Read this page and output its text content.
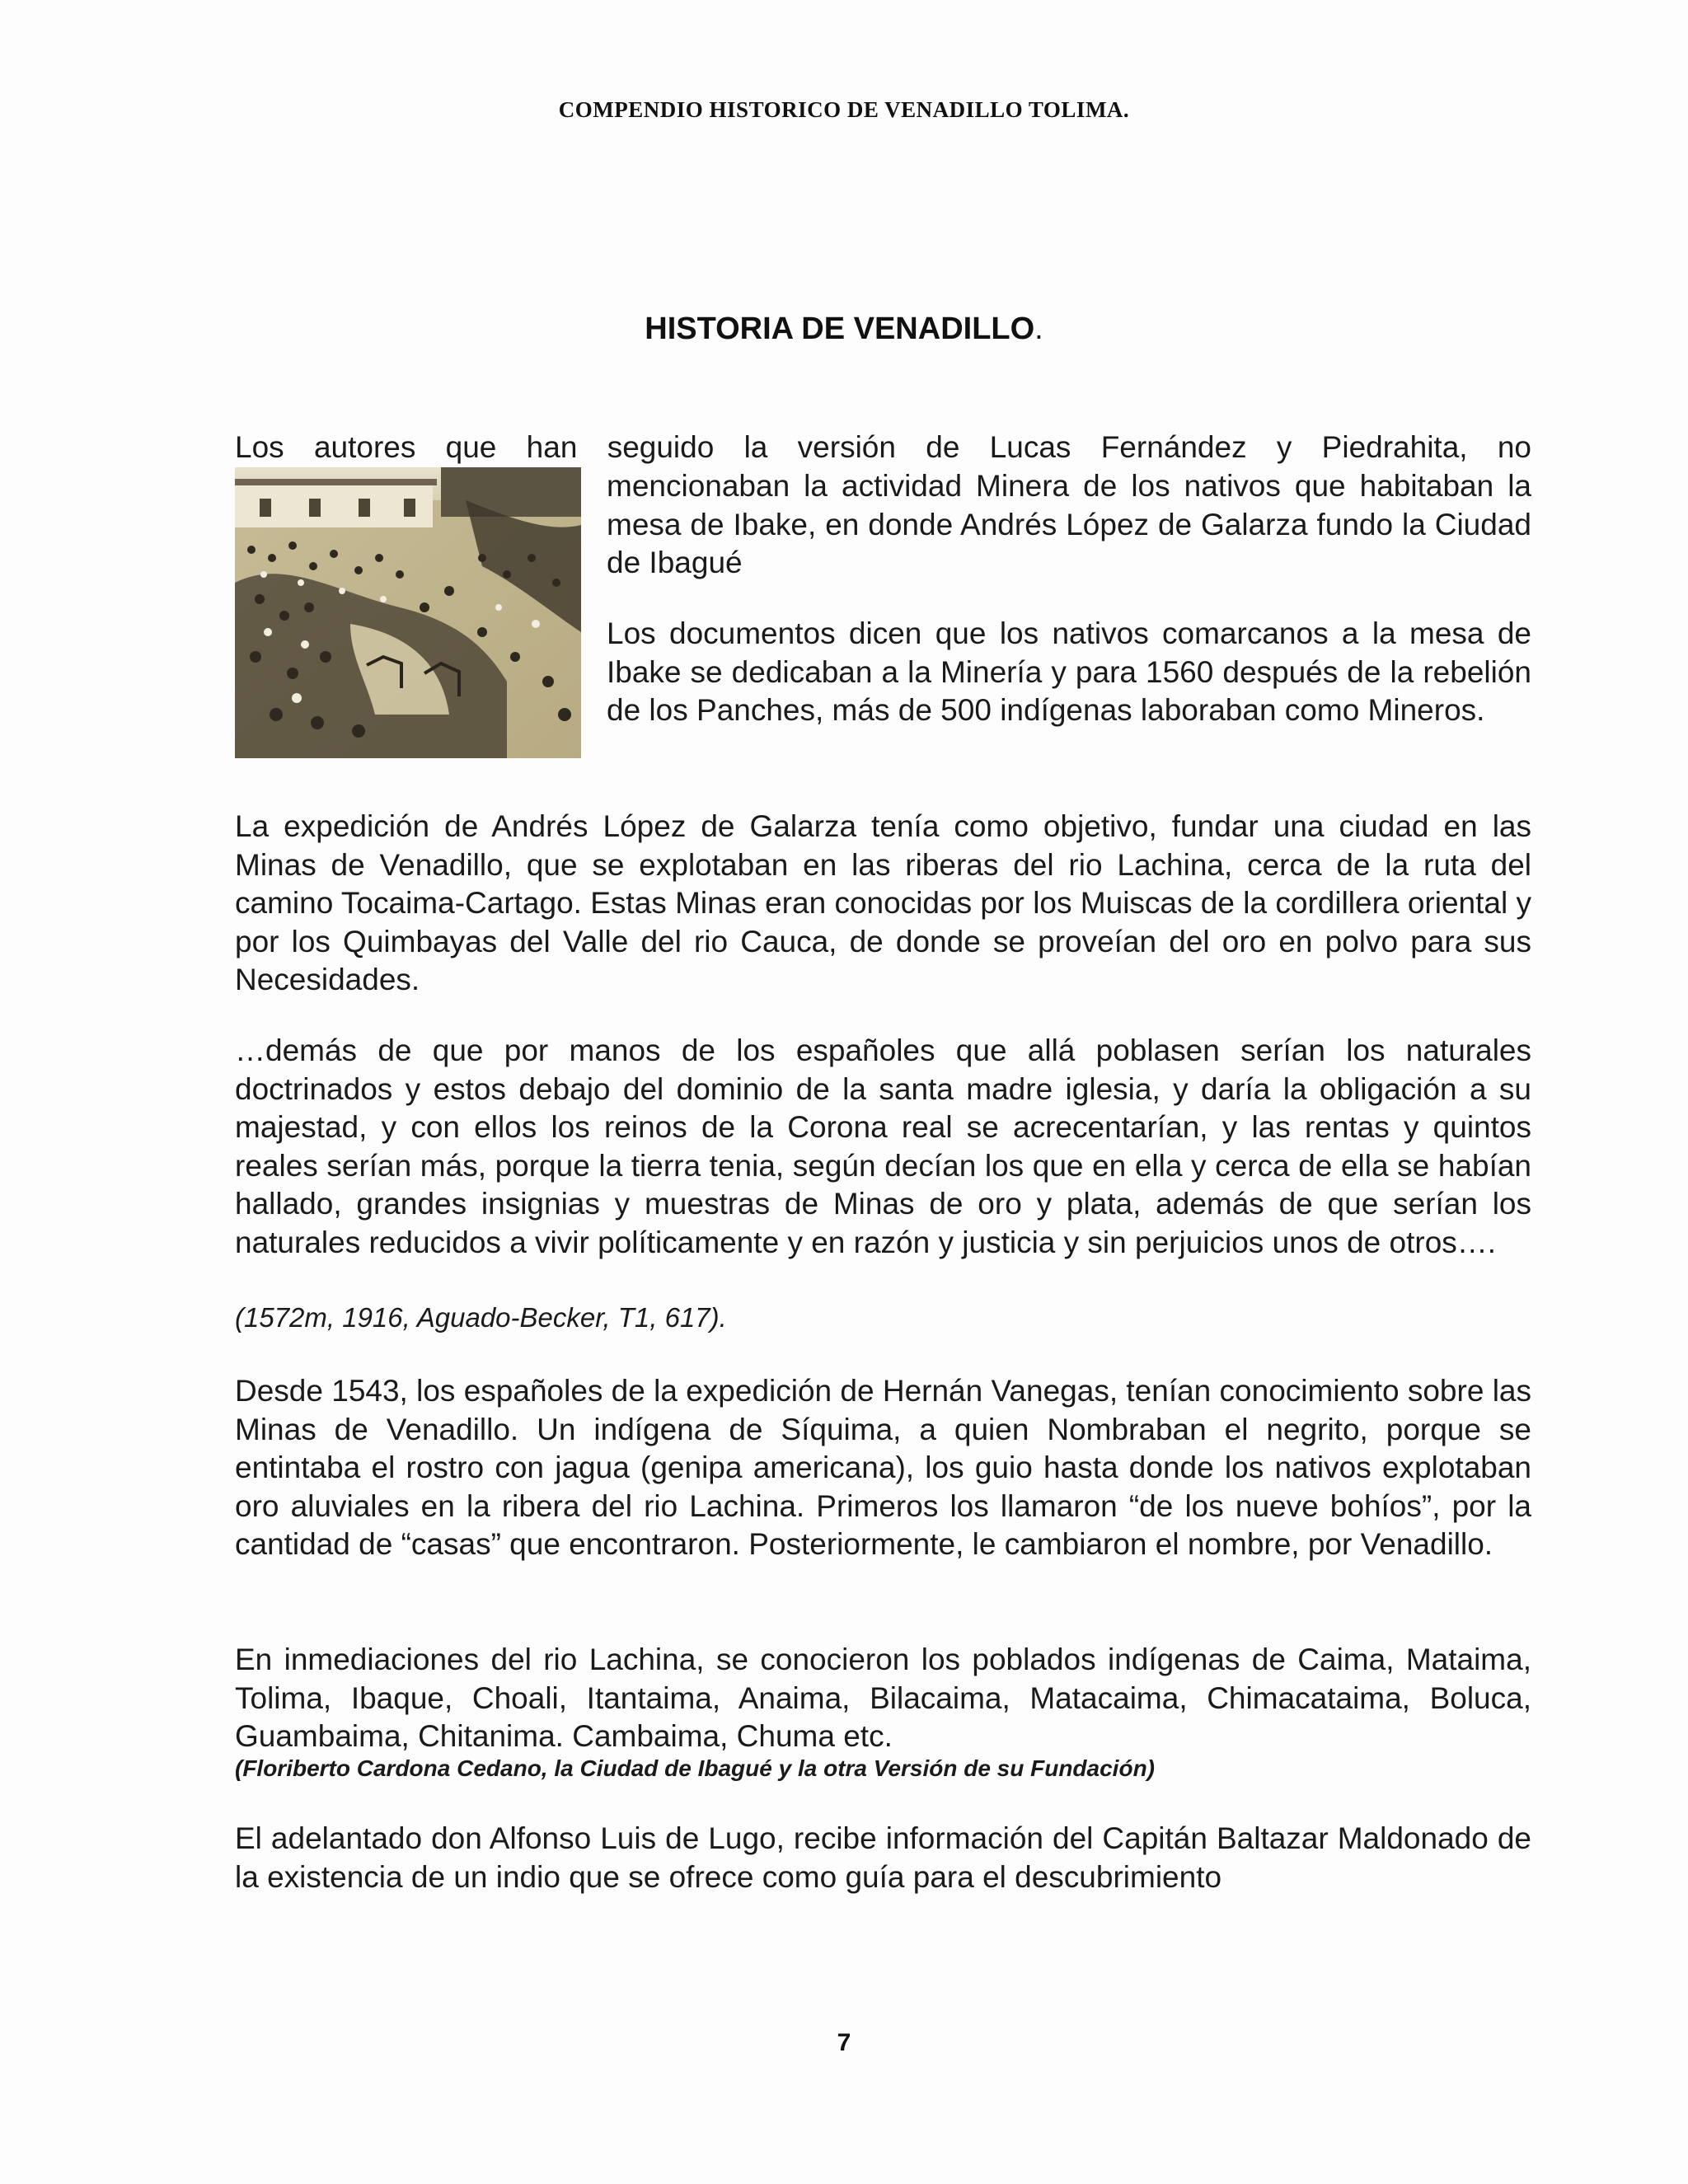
COMPENDIO HISTORICO DE VENADILLO TOLIMA.
HISTORIA DE VENADILLO.
Los autores que han seguido la versión de Lucas Fernández y Piedrahita, no
mencionaban la actividad Minera de los nativos que habitaban la mesa de Ibake, en donde Andrés López de Galarza fundo la Ciudad de Ibagué
Los documentos dicen que los nativos comarcanos a la mesa de Ibake se dedicaban a la Minería y para 1560 después de la rebelión de los Panches, más de 500 indígenas laboraban como Mineros.
La expedición de Andrés López de Galarza tenía como objetivo, fundar una ciudad en las Minas de Venadillo, que se explotaban en las riberas del rio Lachina, cerca de la ruta del camino Tocaima-Cartago. Estas Minas eran conocidas por los Muiscas de la cordillera oriental y por los Quimbayas del Valle del rio Cauca, de donde se proveían del oro en polvo para sus Necesidades.
…demás de que por manos de los españoles que allá poblasen serían los naturales doctrinados y estos debajo del dominio de la santa madre iglesia, y daría la obligación a su majestad, y con ellos los reinos de la Corona real se acrecentarían, y las rentas y quintos reales serían más, porque la tierra tenia, según decían los que en ella y cerca de ella se habían hallado, grandes insignias y muestras de Minas de oro y plata, además de que serían los naturales reducidos a vivir políticamente y en razón y justicia y sin perjuicios unos de otros….
(1572m, 1916, Aguado-Becker, T1, 617).
Desde 1543, los españoles de la expedición de Hernán Vanegas, tenían conocimiento sobre las Minas de Venadillo. Un indígena de Síquima, a quien Nombraban el negrito, porque se entintaba el rostro con jagua (genipa americana), los guio hasta donde los nativos explotaban oro aluviales en la ribera del rio Lachina. Primeros los llamaron “de los nueve bohíos”, por la cantidad de “casas” que encontraron. Posteriormente, le cambiaron el nombre, por Venadillo.
En inmediaciones del rio Lachina, se conocieron los poblados indígenas de Caima, Mataima, Tolima, Ibaque, Choali, Itantaima, Anaima, Bilacaima, Matacaima, Chimacataima, Boluca, Guambaima, Chitanima. Cambaima, Chuma etc.
(Floriberto Cardona Cedano, la Ciudad de Ibagué y la otra Versión de su Fundación)
El adelantado don Alfonso Luis de Lugo, recibe información del Capitán Baltazar Maldonado de la existencia de un indio que se ofrece como guía para el descubrimiento
7
